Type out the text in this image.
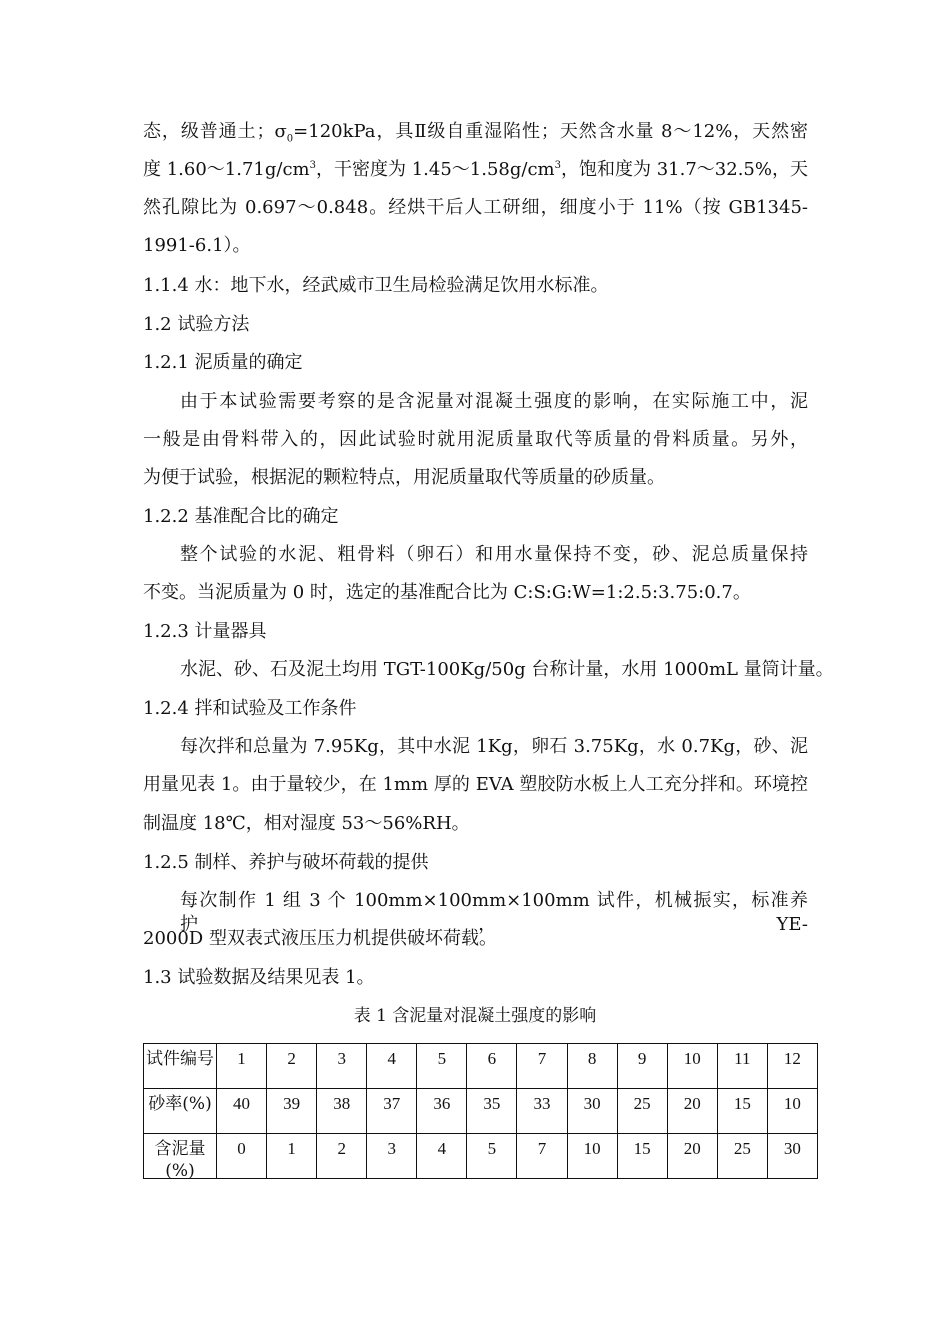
态，级普通土；$\sigma_0=120kPa$，具Ⅱ级自重湿陷性；天然含水量 8～12%，天然密
度 $1.60\sim 1.71g/cm^3$，干密度为 $1.45\sim 1.58g/cm^3$，饱和度为 31.7～32.5%，天
然孔隙比为 0.697～0.848。经烘干后人工研细，细度小于 11%（按 GB1345-
1991-6.1）。
1.1.4 水：地下水，经武威市卫生局检验满足饮用水标准。
1.2 试验方法
1.2.1 泥质量的确定
由于本试验需要考察的是含泥量对混凝土强度的影响，在实际施工中，泥
一般是由骨料带入的，因此试验时就用泥质量取代等质量的骨料质量。另外，
为便于试验，根据泥的颗粒特点，用泥质量取代等质量的砂质量。
1.2.2 基准配合比的确定
整个试验的水泥、粗骨料（卵石）和用水量保持不变，砂、泥总质量保持
不变。当泥质量为 0 时，选定的基准配合比为 C:S:G:W=1:2.5:3.75:0.7。
1.2.3 计量器具
水泥、砂、石及泥土均用 TGT-100Kg/50g 台称计量，水用 1000mL 量筒计量。
1.2.4 拌和试验及工作条件
每次拌和总量为 7.95Kg，其中水泥 1Kg，卵石 3.75Kg，水 0.7Kg，砂、泥
用量见表 1。由于量较少，在 1mm 厚的 EVA 塑胶防水板上人工充分拌和。环境控
制温度 18℃，相对湿度 53～56%RH。
1.2.5 制样、养护与破坏荷载的提供
每次制作 1 组 3 个 100mm×100mm×100mm 试件，机械振实，标准养护，YE-
2000D 型双表式液压压力机提供破坏荷载。
1.3 试验数据及结果见表 1。
表 1 含泥量对混凝土强度的影响
试件编号	1	2	3	4	5	6	7	8	9	10	11	12

砂率(%)	40	39	38	37	36	35	33	30	25	20	15	10

含泥量(%)	0	1	2	3	4	5	7	10	15	20	25	30
